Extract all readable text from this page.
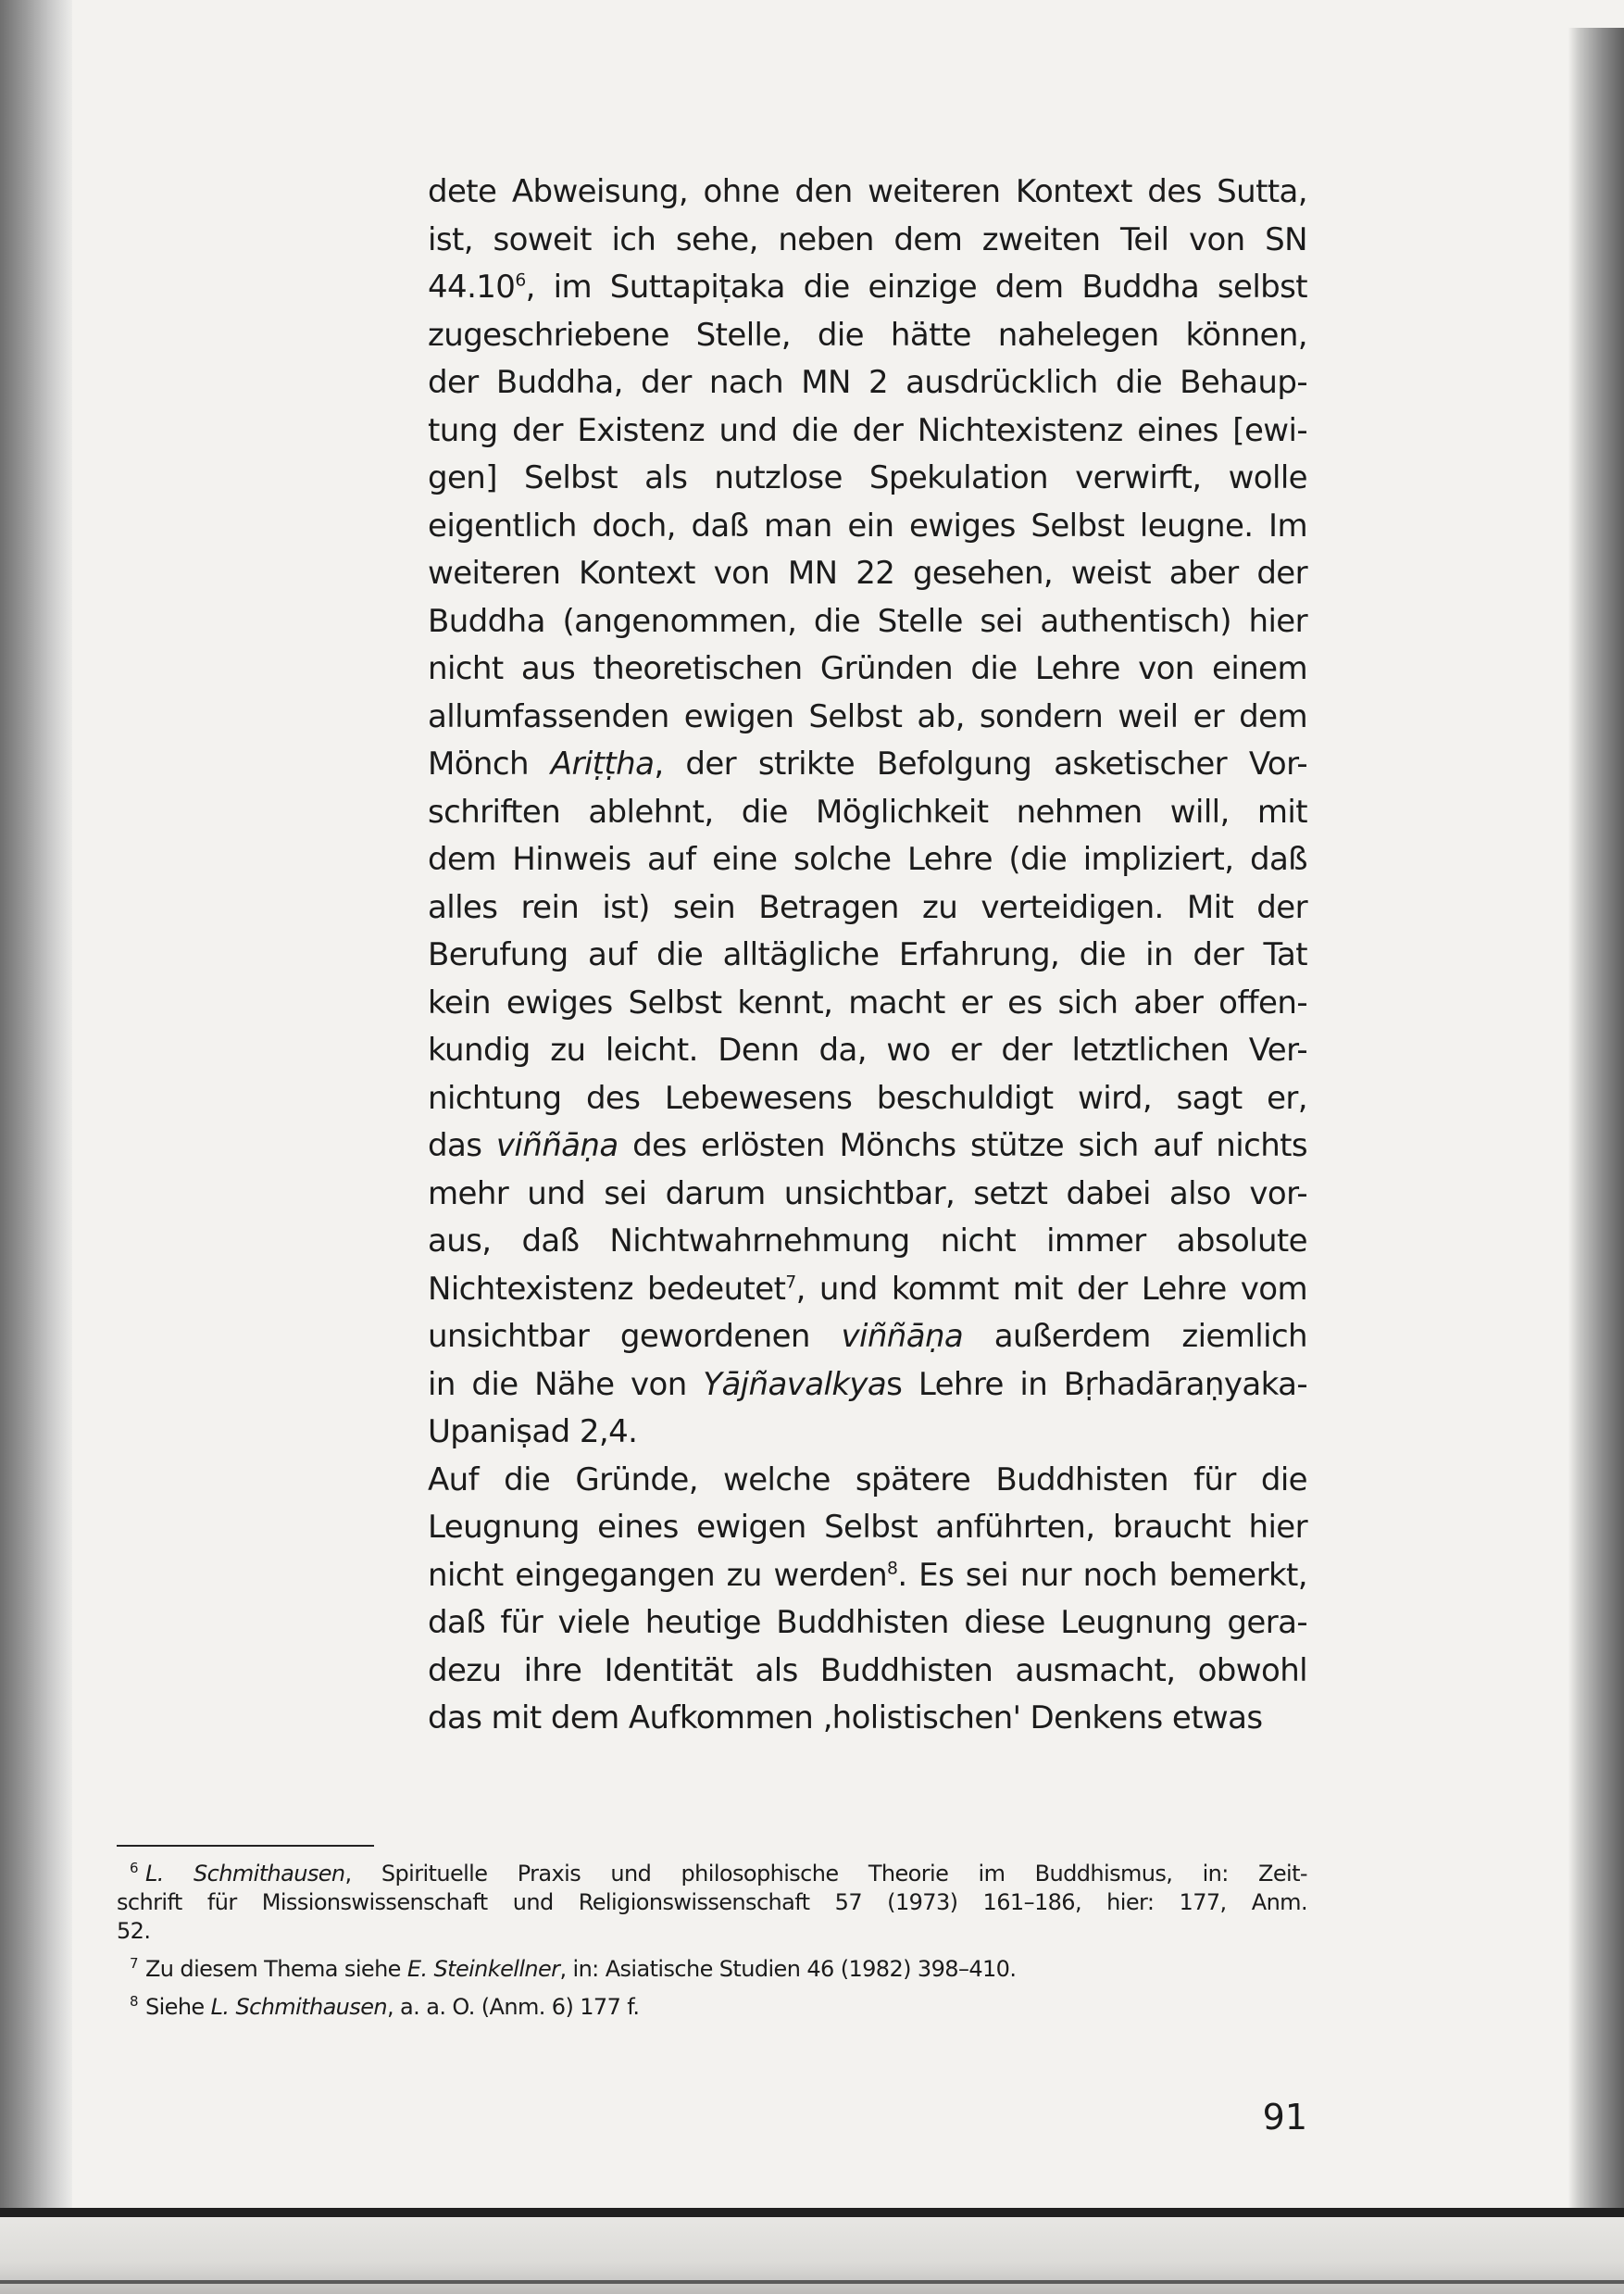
dete Abweisung, ohne den weiteren Kontext des Sutta,
ist, soweit ich sehe, neben dem zweiten Teil von SN
44.10$^6$, im Suttapiṭaka die einzige dem Buddha selbst
zugeschriebene Stelle, die hätte nahelegen können,
der Buddha, der nach MN 2 ausdrücklich die Behaup-
tung der Existenz und die der Nichtexistenz eines [ewi-
gen] Selbst als nutzlose Spekulation verwirft, wolle
eigentlich doch, daß man ein ewiges Selbst leugne. Im
weiteren Kontext von MN 22 gesehen, weist aber der
Buddha (angenommen, die Stelle sei authentisch) hier
nicht aus theoretischen Gründen die Lehre von einem
allumfassenden ewigen Selbst ab, sondern weil er dem
Mönch Ariṭṭha, der strikte Befolgung asketischer Vor-
schriften ablehnt, die Möglichkeit nehmen will, mit
dem Hinweis auf eine solche Lehre (die impliziert, daß
alles rein ist) sein Betragen zu verteidigen. Mit der
Berufung auf die alltägliche Erfahrung, die in der Tat
kein ewiges Selbst kennt, macht er es sich aber offen-
kundig zu leicht. Denn da, wo er der letztlichen Ver-
nichtung des Lebewesens beschuldigt wird, sagt er,
das viññāṇa des erlösten Mönchs stütze sich auf nichts
mehr und sei darum unsichtbar, setzt dabei also vor-
aus, daß Nichtwahrnehmung nicht immer absolute
Nichtexistenz bedeutet$^7$, und kommt mit der Lehre vom
unsichtbar gewordenen viññāṇa außerdem ziemlich
in die Nähe von Yājñavalkyas Lehre in Bṛhadāraṇyaka-
Upaniṣad 2,4.
Auf die Gründe, welche spätere Buddhisten für die
Leugnung eines ewigen Selbst anführten, braucht hier
nicht eingegangen zu werden$^8$. Es sei nur noch bemerkt,
daß für viele heutige Buddhisten diese Leugnung gera-
dezu ihre Identität als Buddhisten ausmacht, obwohl
das mit dem Aufkommen ‚holistischen' Denkens etwas
$^6$ L. Schmithausen, Spirituelle Praxis und philosophische Theorie im Buddhismus, in: Zeit-
schrift für Missionswissenschaft und Religionswissenschaft 57 (1973) 161–186, hier: 177, Anm.
52.
$^7$ Zu diesem Thema siehe E. Steinkellner, in: Asiatische Studien 46 (1982) 398–410.
$^8$ Siehe L. Schmithausen, a. a. O. (Anm. 6) 177 f.
91
